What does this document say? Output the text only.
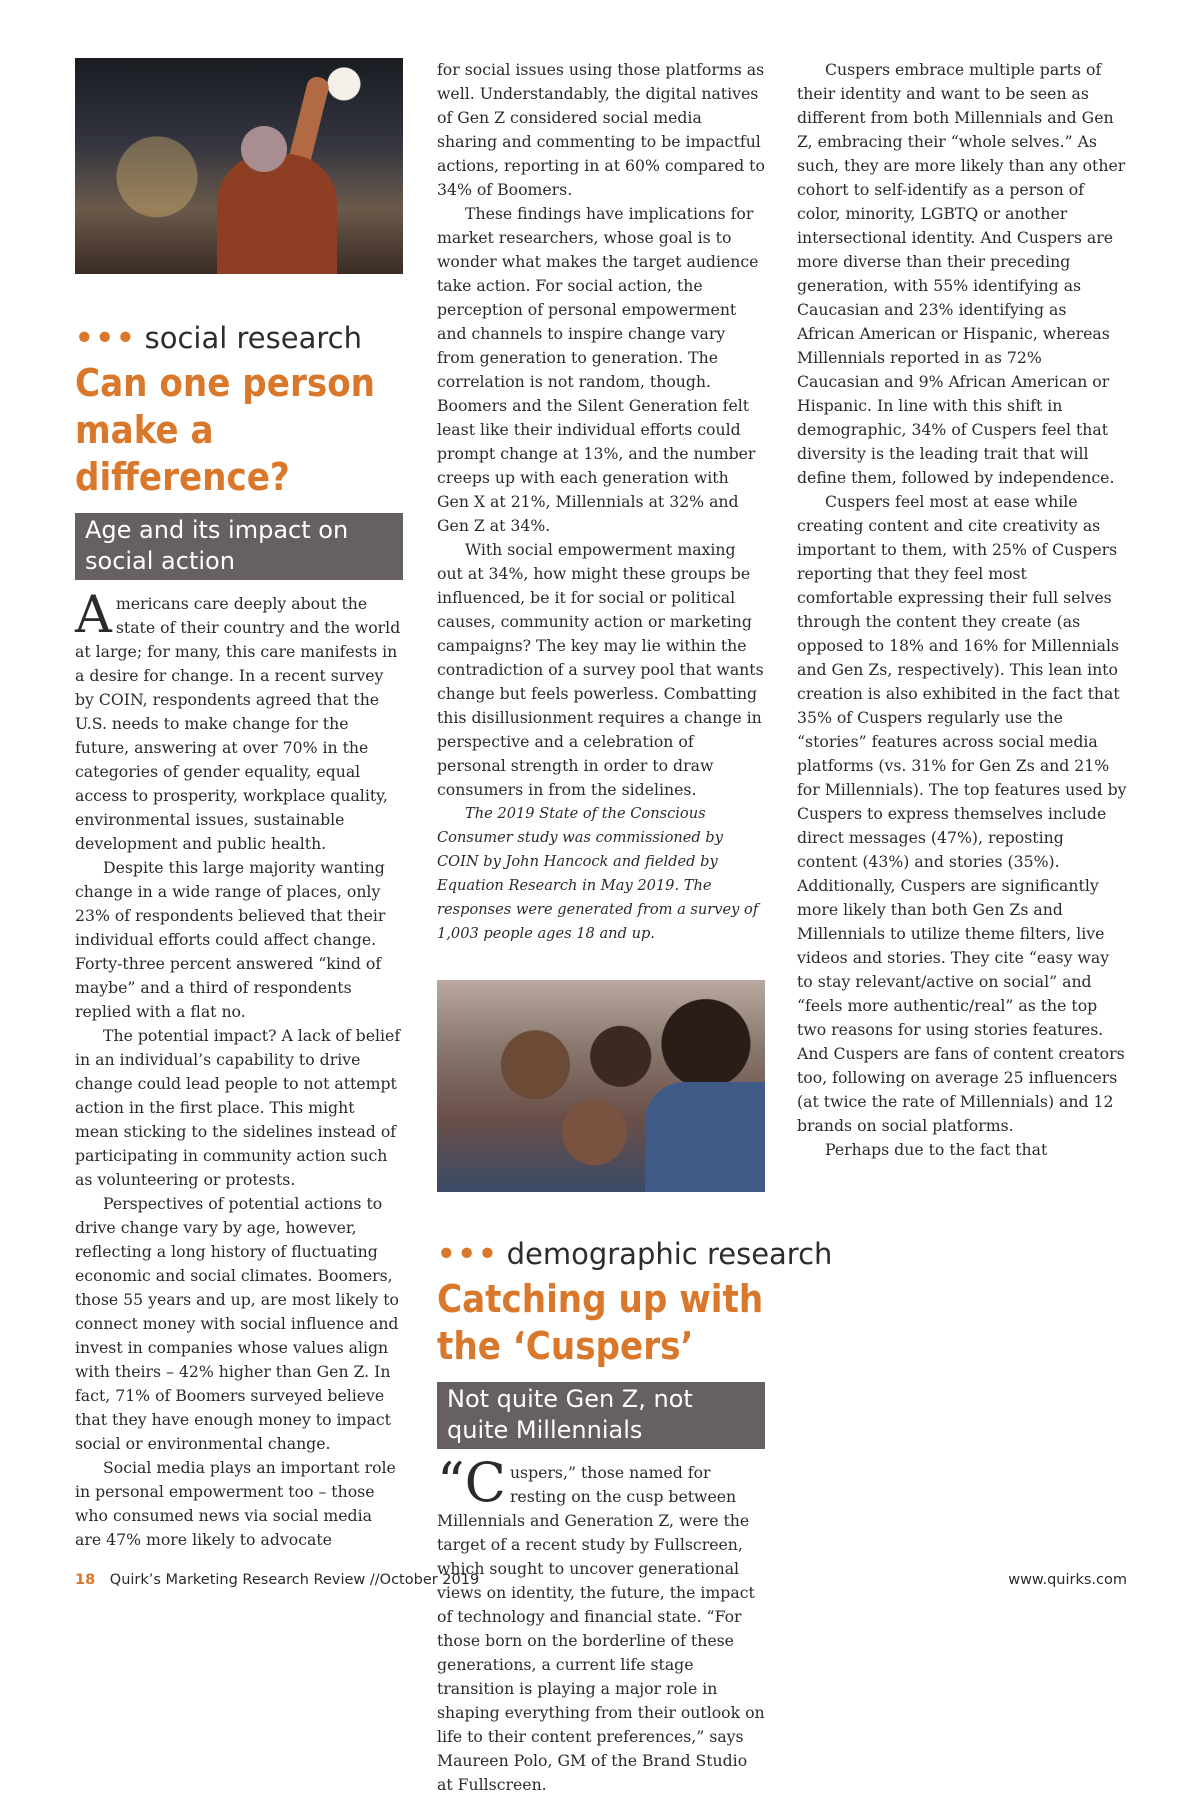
••• social research
Can one person make a difference?
Age and its impact on social action

Americans care deeply about the state of their country and the world at large; for many, this care manifests in a desire for change. In a recent survey by COIN, respondents agreed that the U.S. needs to make change for the future, answering at over 70% in the categories of gender equality, equal access to prosperity, workplace quality, environmental issues, sustainable development and public health.

Despite this large majority wanting change in a wide range of places, only 23% of respondents believed that their individual efforts could affect change. Forty-three percent answered “kind of maybe” and a third of respondents replied with a flat no.

The potential impact? A lack of belief in an individual’s capability to drive change could lead people to not attempt action in the first place. This might mean sticking to the sidelines instead of participating in community action such as volunteering or protests.

Perspectives of potential actions to drive change vary by age, however, reflecting a long history of fluctuating economic and social climates. Boomers, those 55 years and up, are most likely to connect money with social influence and invest in companies whose values align with theirs – 42% higher than Gen Z. In fact, 71% of Boomers surveyed believe that they have enough money to impact social or environmental change.

Social media plays an important role in personal empowerment too – those who consumed news via social media are 47% more likely to advocate

for social issues using those platforms as well. Understandably, the digital natives of Gen Z considered social media sharing and commenting to be impactful actions, reporting in at 60% compared to 34% of Boomers.

These findings have implications for market researchers, whose goal is to wonder what makes the target audience take action. For social action, the perception of personal empowerment and channels to inspire change vary from generation to generation. The correlation is not random, though. Boomers and the Silent Generation felt least like their individual efforts could prompt change at 13%, and the number creeps up with each generation with Gen X at 21%, Millennials at 32% and Gen Z at 34%.

With social empowerment maxing out at 34%, how might these groups be influenced, be it for social or political causes, community action or marketing campaigns? The key may lie within the contradiction of a survey pool that wants change but feels powerless. Combatting this disillusionment requires a change in perspective and a celebration of personal strength in order to draw consumers in from the sidelines.

The 2019 State of the Conscious Consumer study was commissioned by COIN by John Hancock and fielded by Equation Research in May 2019. The responses were generated from a survey of 1,003 people ages 18 and up.

••• demographic research
Catching up with the ‘Cuspers’
Not quite Gen Z, not quite Millennials

“C uspers,” those named for resting on the cusp between Millennials and Generation Z, were the target of a recent study by Fullscreen, which sought to uncover generational views on identity, the future, the impact of technology and financial state. “For those born on the borderline of these generations, a current life stage transition is playing a major role in shaping everything from their outlook on life to their content preferences,” says Maureen Polo, GM of the Brand Studio at Fullscreen.

Cuspers embrace multiple parts of their identity and want to be seen as different from both Millennials and Gen Z, embracing their “whole selves.” As such, they are more likely than any other cohort to self-identify as a person of color, minority, LGBTQ or another intersectional identity. And Cuspers are more diverse than their preceding generation, with 55% identifying as Caucasian and 23% identifying as African American or Hispanic, whereas Millennials reported in as 72% Caucasian and 9% African American or Hispanic. In line with this shift in demographic, 34% of Cuspers feel that diversity is the leading trait that will define them, followed by independence.

Cuspers feel most at ease while creating content and cite creativity as important to them, with 25% of Cuspers reporting that they feel most comfortable expressing their full selves through the content they create (as opposed to 18% and 16% for Millennials and Gen Zs, respectively). This lean into creation is also exhibited in the fact that 35% of Cuspers regularly use the “stories” features across social media platforms (vs. 31% for Gen Zs and 21% for Millennials). The top features used by Cuspers to express themselves include direct messages (47%), reposting content (43%) and stories (35%). Additionally, Cuspers are significantly more likely than both Gen Zs and Millennials to utilize theme filters, live videos and stories. They cite “easy way to stay relevant/active on social” and “feels more authentic/real” as the top two reasons for using stories features. And Cuspers are fans of content creators too, following on average 25 influencers (at twice the rate of Millennials) and 12 brands on social platforms.

Perhaps due to the fact that

18 Quirk’s Marketing Research Review //October 2019	www.quirks.com
